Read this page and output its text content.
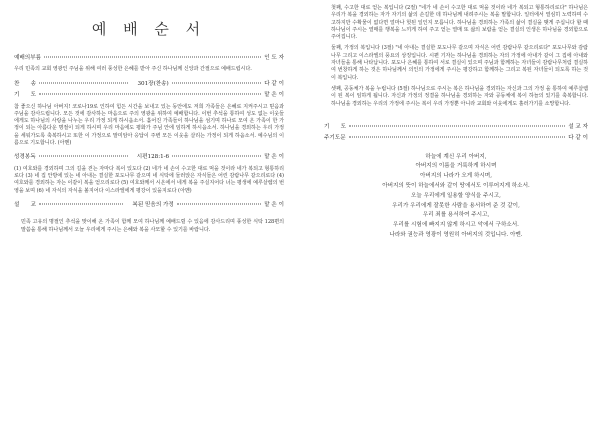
예 배 순 서
예배의부름	인 도 자
우리 민족의 교회 영광인 주님을 위해 여러 풍성한 은혜를 받아 주신 하나님께 신앙과 간절으로 예배드립시다.
찬　　송	301장(찬송)	다 같 이
기　　도	맡 은 이
참 좋으신 하나님 아버지! 코로나19로 인하여 힘든 시간을 보내고 있는 동안에도 저희 가족들은 은혜로 지켜주시고 믿음과 주님을 감사드립니다. 모든 것에 감사하는 마음으로 주의 영광을 위하여 예배합니다. 이번 추석을 통하여 성도 없는 이웃들에게도 하나님의 사랑을 나누는 우리 가정 되게 하시옵소서. 흩어진 가족들이 하나님을 섬기며 하나로 모여 온 가족이 한 가정이 되는 아름다운 명절이 되게 하시며 우리 마음에도 평화가 주님 안에 임하게 하시옵소서. 하나님을 경외하는 우리 가정을 세워가도록 축복하시고 또한 이 가정으로 말미암아 응답이 주변 모든 이웃을 살리는 가정이 되게 하옵소서. 예수님의 이름으로 기도합니다. (아멘)
성경봉독	시편128:1-6	맡 은 이
(1) 여호와를 경외하며 그의 길을 걷는 자마다 복이 있도다 (2) 네가 네 손이 수고한 대로 먹을 것이라 네가 복되고 형통하리로다 (3) 네 집 안방에 있는 네 아내는 결실한 포도나무 같으며 네 식탁에 둘러앉은 자식들은 어린 감람나무 같으리로다 (4) 여호와를 경외하는 자는 이같이 복을 얻으리로다 (5) 여호와께서 시온에서 네게 복을 주실지어다 너는 평생에 예루살렘의 번영을 보며 (6) 네 자식의 자식을 볼지어다 이스라엘에게 평강이 있을지로다 (아멘)
설　　교	복된 믿음의 가정	맡 은 이
민족 고유의 명절인 추석을 맞이해 온 가족이 함께 모여 하나님께 예배드릴 수 있음에 감사드리며 풍성한 식탁 128편의 말씀을 통해 하나님께서 오늘 우리에게 주시는 은혜와 복을 사모할 수 있기를 바랍니다.
첫째, 수고한 대로 얻는 복입니다 (2절) "네가 네 손이 수고한 대로 먹을 것이라 네가 복되고 형통하리로다" 하나님은 우리가 복을 경외하는 자가 자기의 삶의 손길한 데 하나님께 내려주시는 복을 말합니다. 일터에서 열심히 노력하며 수고하지만 수확물이 없다면 얼마나 헛된 일인지 모릅니다. 하나님을 경외하는 가족의 삶이 결실을 맺게 주십니다 할 때 하나님이 주시는 열매를 행복을 느끼게 하여 주고 얻는 열매 또 삶의 보람을 얻는 결실의 인생은 하나님을 경외함으로 주어집니다.
둘째, 가정의 복입니다 (3절) "네 아내는 결실한 포도나무 같으며 자식은 어린 감람나무 같으리로다" 포도나무와 감람나무 그리고 이스라엘의 풍요의 상징입니다. 시편 기자는 하나님을 경외하는 자의 가정에 아내가 같이 그 집에 아내와 자녀들을 통해 나타납니다. 포도나 은혜를 통하여 서로 결실이 있으며 주님과 함께하는 자녀들이 감람나무처럼 결실하여 번창하게 하는 것은 하나님께서 의인의 가정에게 주시는 평강하고 함께하는 그리고 복된 자녀들이 되도록 하는 것이 복입니다.
셋째, 공동체가 복을 누립니다 (5절) 하나님으로 주시는 복은 하나님을 경외하는 자신과 그의 가정 을 통하여 예루살렘이 된 복이 임하게 됩니다. 자신과 가정의 정결을 하나님을 경외하는 자와 공동체에 복이 하늘의 있기를 축복합니다. 하나님을 경외하는 우리의 가정에 주시는 복이 우리 가정뿐 아니라 교회와 이웃에게도 흘러가기를 소망합니다.
기　　도	설 교 자
주기도문	다 같 이
하늘에 계신 우리 아버지,
아버지의 이름을 거룩하게 하시며
아버지의 나라가 오게 하시며,
아버지의 뜻이 하늘에서와 같이 땅에서도 이루어지게 하소서.
오늘 우리에게 일용할 양식을 주시고,
우리가 우리에게 잘못한 사람을 용서하여 준 것 같이,
우리 죄를 용서하여 주시고,
우리를 시험에 빠지지 않게 하시고 악에서 구하소서.
나라와 권능과 영광이 영원히 아버지의 것입니다. 아멘.
